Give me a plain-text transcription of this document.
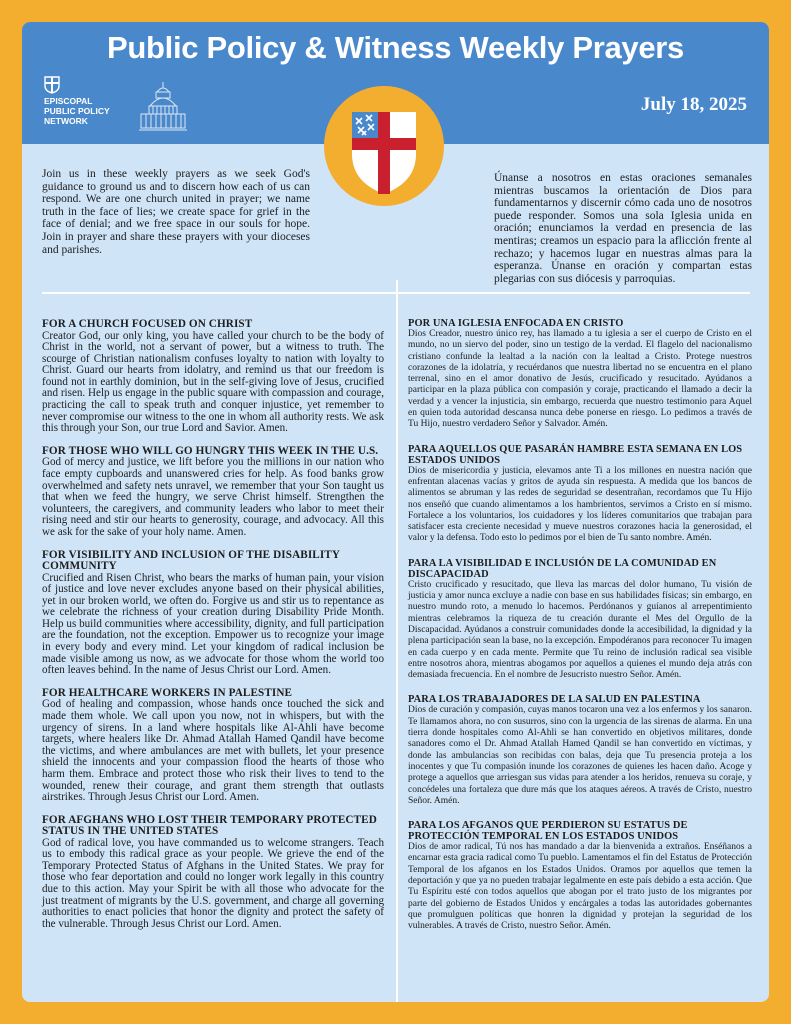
Public Policy & Witness Weekly Prayers
EPISCOPAL
PUBLIC POLICY
NETWORK
July 18, 2025

Join us in these weekly prayers as we seek God's guidance to ground us and to discern how each of us can respond. We are one church united in prayer; we name truth in the face of lies; we create space for grief in the face of denial; and we free space in our souls for hope. Join in prayer and share these prayers with your dioceses and parishes.

Únanse a nosotros en estas oraciones semanales mientras buscamos la orientación de Dios para fundamentarnos y discernir cómo cada uno de nosotros puede responder. Somos una sola Iglesia unida en oración; enunciamos la verdad en presencia de las mentiras; creamos un espacio para la aflicción frente al rechazo; y hacemos lugar en nuestras almas para la esperanza. Únanse en oración y compartan estas plegarias con sus diócesis y parroquias.

FOR A CHURCH FOCUSED ON CHRIST

Creator God, our only king, you have called your church to be the body of Christ in the world, not a servant of power, but a witness to truth. The scourge of Christian nationalism confuses loyalty to nation with loyalty to Christ. Guard our hearts from idolatry, and remind us that our freedom is found not in earthly dominion, but in the self-giving love of Jesus, crucified and risen. Help us engage in the public square with compassion and courage, practicing the call to speak truth and conquer injustice, yet remember to never compromise our witness to the one in whom all authority rests. We ask this through your Son, our true Lord and Savior. Amen.

FOR THOSE WHO WILL GO HUNGRY THIS WEEK IN THE U.S.

God of mercy and justice, we lift before you the millions in our nation who face empty cupboards and unanswered cries for help. As food banks grow overwhelmed and safety nets unravel, we remember that your Son taught us that when we feed the hungry, we serve Christ himself. Strengthen the volunteers, the caregivers, and community leaders who labor to meet their rising need and stir our hearts to generosity, courage, and advocacy. All this we ask for the sake of your holy name. Amen.

FOR VISIBILITY AND INCLUSION OF THE DISABILITY COMMUNITY

Crucified and Risen Christ, who bears the marks of human pain, your vision of justice and love never excludes anyone based on their physical abilities, yet in our broken world, we often do. Forgive us and stir us to repentance as we celebrate the richness of your creation during Disability Pride Month. Help us build communities where accessibility, dignity, and full participation are the foundation, not the exception. Empower us to recognize your image in every body and every mind. Let your kingdom of radical inclusion be made visible among us now, as we advocate for those whom the world too often leaves behind. In the name of Jesus Christ our Lord. Amen.

FOR HEALTHCARE WORKERS IN PALESTINE

God of healing and compassion, whose hands once touched the sick and made them whole. We call upon you now, not in whispers, but with the urgency of sirens. In a land where hospitals like Al-Ahli have become targets, where healers like Dr. Ahmad Atallah Hamed Qandil have become the victims, and where ambulances are met with bullets, let your presence shield the innocents and your compassion flood the hearts of those who harm them. Embrace and protect those who risk their lives to tend to the wounded, renew their courage, and grant them strength that outlasts airstrikes. Through Jesus Christ our Lord. Amen.

FOR AFGHANS WHO LOST THEIR TEMPORARY PROTECTED STATUS IN THE UNITED STATES

God of radical love, you have commanded us to welcome strangers. Teach us to embody this radical grace as your people. We grieve the end of the Temporary Protected Status of Afghans in the United States. We pray for those who fear deportation and could no longer work legally in this country due to this action. May your Spirit be with all those who advocate for the just treatment of migrants by the U.S. government, and charge all governing authorities to enact policies that honor the dignity and protect the safety of the vulnerable. Through Jesus Christ our Lord. Amen.

POR UNA IGLESIA ENFOCADA EN CRISTO

Dios Creador, nuestro único rey, has llamado a tu iglesia a ser el cuerpo de Cristo en el mundo, no un siervo del poder, sino un testigo de la verdad. El flagelo del nacionalismo cristiano confunde la lealtad a la nación con la lealtad a Cristo. Protege nuestros corazones de la idolatría, y recuérdanos que nuestra libertad no se encuentra en el plano terrenal, sino en el amor donativo de Jesús, crucificado y resucitado. Ayúdanos a participar en la plaza pública con compasión y coraje, practicando el llamado a decir la verdad y a vencer la injusticia, sin embargo, recuerda que nuestro testimonio para Aquel en quien toda autoridad descansa nunca debe ponerse en riesgo. Lo pedimos a través de Tu Hijo, nuestro verdadero Señor y Salvador. Amén.

PARA AQUELLOS QUE PASARÁN HAMBRE ESTA SEMANA EN LOS ESTADOS UNIDOS

Dios de misericordia y justicia, elevamos ante Ti a los millones en nuestra nación que enfrentan alacenas vacías y gritos de ayuda sin respuesta. A medida que los bancos de alimentos se abruman y las redes de seguridad se desentrañan, recordamos que Tu Hijo nos enseñó que cuando alimentamos a los hambrientos, servimos a Cristo en sí mismo. Fortalece a los voluntarios, los cuidadores y los líderes comunitarios que trabajan para satisfacer esta creciente necesidad y mueve nuestros corazones hacia la generosidad, el valor y la defensa. Todo esto lo pedimos por el bien de Tu santo nombre. Amén.

PARA LA VISIBILIDAD E INCLUSIÓN DE LA COMUNIDAD EN DISCAPACIDAD

Cristo crucificado y resucitado, que lleva las marcas del dolor humano, Tu visión de justicia y amor nunca excluye a nadie con base en sus habilidades físicas; sin embargo, en nuestro mundo roto, a menudo lo hacemos. Perdónanos y guíanos al arrepentimiento mientras celebramos la riqueza de tu creación durante el Mes del Orgullo de la Discapacidad. Ayúdanos a construir comunidades donde la accesibilidad, la dignidad y la plena participación sean la base, no la excepción. Empodéranos para reconocer Tu imagen en cada cuerpo y en cada mente. Permite que Tu reino de inclusión radical sea visible entre nosotros ahora, mientras abogamos por aquellos a quienes el mundo deja atrás con demasiada frecuencia. En el nombre de Jesucristo nuestro Señor. Amén.

PARA LOS TRABAJADORES DE LA SALUD EN PALESTINA

Dios de curación y compasión, cuyas manos tocaron una vez a los enfermos y los sanaron. Te llamamos ahora, no con susurros, sino con la urgencia de las sirenas de alarma. En una tierra donde hospitales como Al-Ahli se han convertido en objetivos militares, donde sanadores como el Dr. Ahmad Atallah Hamed Qandil se han convertido en víctimas, y donde las ambulancias son recibidas con balas, deja que Tu presencia proteja a los inocentes y que Tu compasión inunde los corazones de quienes les hacen daño. Acoge y protege a aquellos que arriesgan sus vidas para atender a los heridos, renueva su coraje, y concédeles una fortaleza que dure más que los ataques aéreos. A través de Cristo, nuestro Señor. Amén.

PARA LOS AFGANOS QUE PERDIERON SU ESTATUS DE PROTECCIÓN TEMPORAL EN LOS ESTADOS UNIDOS

Dios de amor radical, Tú nos has mandado a dar la bienvenida a extraños. Enséñanos a encarnar esta gracia radical como Tu pueblo. Lamentamos el fin del Estatus de Protección Temporal de los afganos en los Estados Unidos. Oramos por aquellos que temen la deportación y que ya no pueden trabajar legalmente en este país debido a esta acción. Que Tu Espíritu esté con todos aquellos que abogan por el trato justo de los migrantes por parte del gobierno de Estados Unidos y encárgales a todas las autoridades gobernantes que promulguen políticas que honren la dignidad y protejan la seguridad de los vulnerables. A través de Cristo, nuestro Señor. Amén.
